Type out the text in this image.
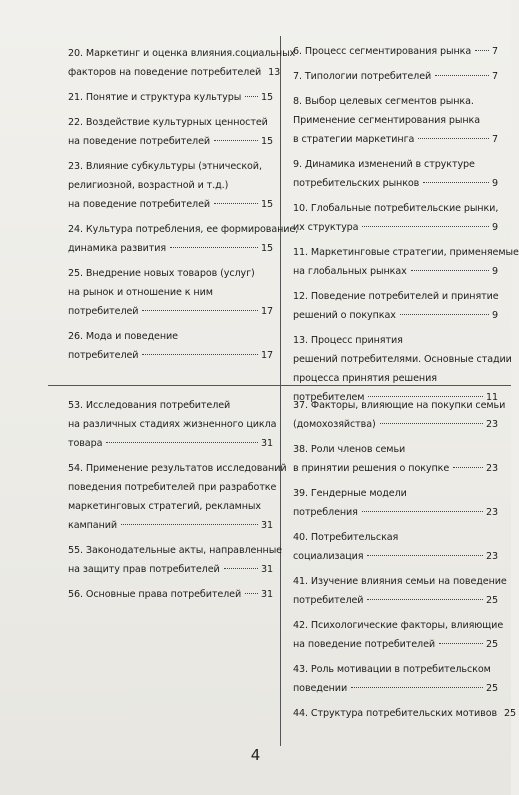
20. Маркетинг и оценка влияния.социальных
факторов на поведение потребителей 13
21. Понятие и структура культуры 15
22. Воздействие культурных ценностей
на поведение потребителей	15
23. Влияние субкультуры (этнической,
религиозной, возрастной и т.д.)
на поведение потребителей	15
24. Культура потребления, ее формирование,
динамика развития	15
25. Внедрение новых товаров (услуг)
на рынок и отношение к ним
потребителей	17
26. Мода и поведение
потребителей	17
6. Процесс сегментирования рынка 7
7. Типологии потребителей	7
8. Выбор целевых сегментов рынка.
Применение сегментирования рынка
в стратегии маркетинга	7
9. Динамика изменений в структуре
потребительских рынков	9
10. Глобальные потребительские рынки,
их структура	9
11. Маркетинговые стратегии, применяемые
на глобальных рынках	9
12. Поведение потребителей и принятие
решений о покупках	9
13. Процесс принятия
решений потребителями. Основные стадии
процесса принятия решения
потребителем	11
53. Исследования потребителей
на различных стадиях жизненного цикла
товара	31
54. Применение результатов исследований
поведения потребителей при разработке
маркетинговых стратегий, рекламных
кампаний	31
55. Законодательные акты, направленные
на защиту прав потребителей	31
56. Основные права потребителей 31
37. Факторы, влияющие на покупки семьи
(домохозяйства)	23
38. Роли членов семьи
в принятии решения о покупке	23
39. Гендерные модели
потребления	23
40. Потребительская
социализация	23
41. Изучение влияния семьи на поведение
потребителей	25
42. Психологические факторы, влияющие
на поведение потребителей	25
43. Роль мотивации в потребительском
поведении	25
44. Структура потребительских мотивов 25
4
